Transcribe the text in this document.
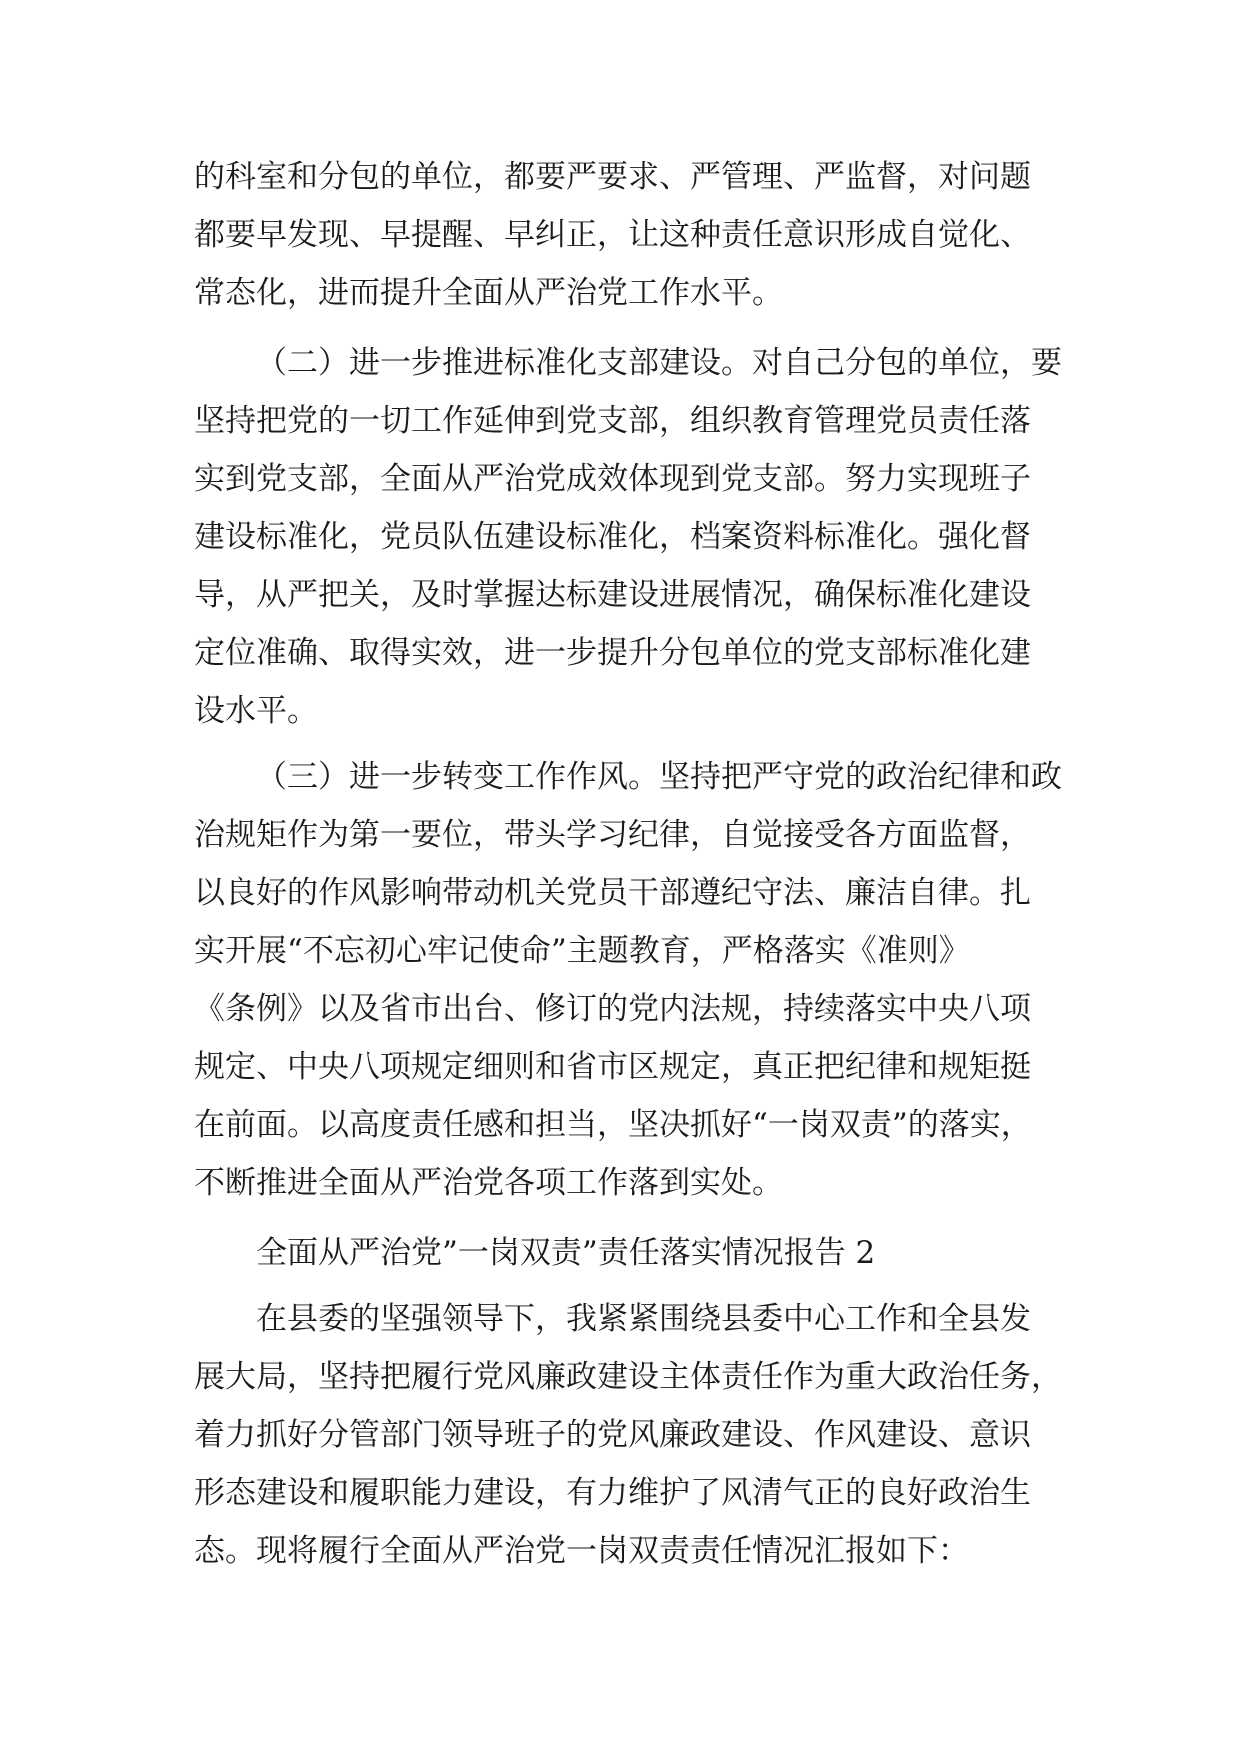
的科室和分包的单位，都要严要求、严管理、严监督，对问题
都要早发现、早提醒、早纠正，让这种责任意识形成自觉化、
常态化，进而提升全面从严治党工作水平。
（二）进一步推进标准化支部建设。对自己分包的单位，要
坚持把党的一切工作延伸到党支部，组织教育管理党员责任落
实到党支部，全面从严治党成效体现到党支部。努力实现班子
建设标准化，党员队伍建设标准化，档案资料标准化。强化督
导，从严把关，及时掌握达标建设进展情况，确保标准化建设
定位准确、取得实效，进一步提升分包单位的党支部标准化建
设水平。
（三）进一步转变工作作风。坚持把严守党的政治纪律和政
治规矩作为第一要位，带头学习纪律，自觉接受各方面监督，
以良好的作风影响带动机关党员干部遵纪守法、廉洁自律。扎
实开展“不忘初心牢记使命”主题教育，严格落实《准则》
《条例》以及省市出台、修订的党内法规，持续落实中央八项
规定、中央八项规定细则和省市区规定，真正把纪律和规矩挺
在前面。以高度责任感和担当，坚决抓好“一岗双责”的落实，
不断推进全面从严治党各项工作落到实处。
全面从严治党”一岗双责”责任落实情况报告 2
在县委的坚强领导下，我紧紧围绕县委中心工作和全县发
展大局，坚持把履行党风廉政建设主体责任作为重大政治任务，
着力抓好分管部门领导班子的党风廉政建设、作风建设、意识
形态建设和履职能力建设，有力维护了风清气正的良好政治生
态。现将履行全面从严治党一岗双责责任情况汇报如下：
